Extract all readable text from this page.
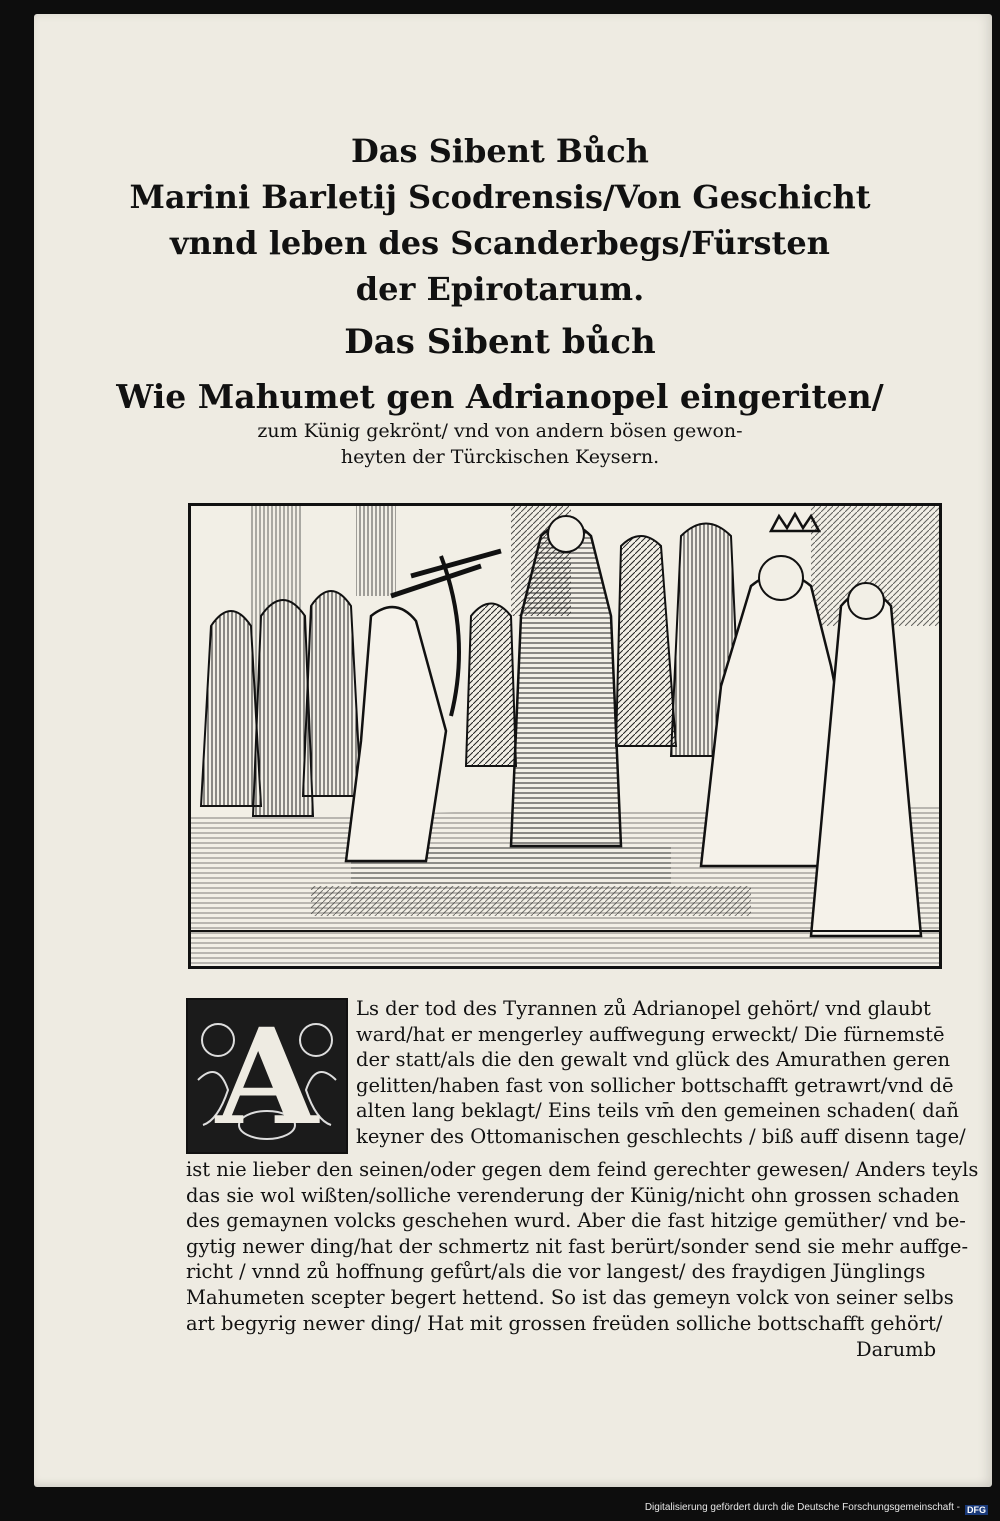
Das Sibent Bůch
Marini Barletij Scodrensis/Von Geschicht
vnnd leben des Scanderbegs/Fürsten
der Epirotarum.
Das Sibent bůch
Wie Mahumet gen Adrianopel eingeriten/
zum Künig gekrönt/ vnd von andern bösen gewon-
heyten der Türckischen Keysern.
A	Ls der tod des Tyrannen zů Adrianopel gehört/ vnd glaubt
ward/hat er mengerley auffwegung erweckt/ Die fürnemstē
der statt/als die den gewalt vnd glück des Amurathen geren
gelitten/haben fast von sollicher bottschafft getrawrt/vnd dē
alten lang beklagt/ Eins teils vm̄ den gemeinen schaden( dañ
keyner des Ottomanischen geschlechts / biß auff disenn tage/
ist nie lieber den seinen/oder gegen dem feind gerechter gewesen/ Anders teyls
das sie wol wißten/solliche verenderung der Künig/nicht ohn grossen schaden
des gemaynen volcks geschehen wurd. Aber die fast hitzige gemüther/ vnd be-
gytig newer ding/hat der schmertz nit fast berürt/sonder send sie mehr auffge-
richt / vnnd zů hoffnung gefůrt/als die vor langest/ des fraydigen Jünglings
Mahumeten scepter begert hettend. So ist das gemeyn volck von seiner selbs
art begyrig newer ding/ Hat mit grossen freüden solliche bottschafft gehört/
Darumb
Digitalisierung gefördert durch die Deutsche Forschungsgemeinschaft - DFG
